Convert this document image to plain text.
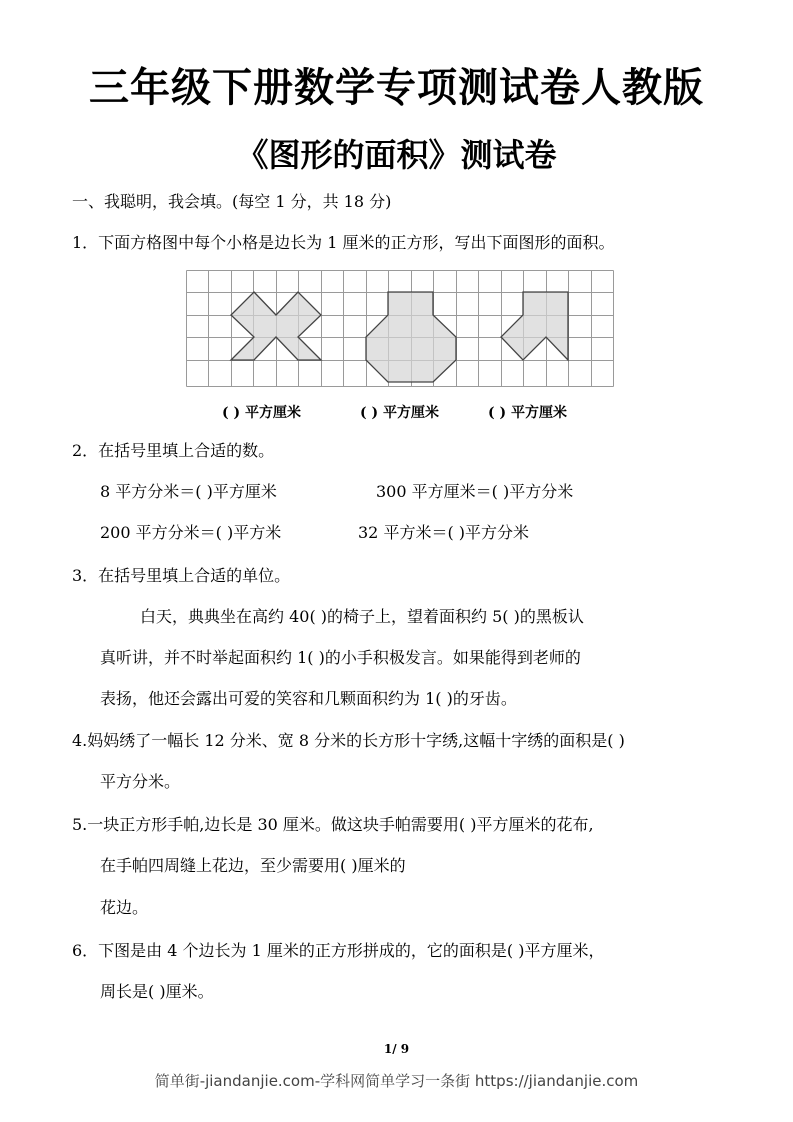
三年级下册数学专项测试卷人教版
《图形的面积》测试卷
一、我聪明，我会填。(每空 1 分，共 18 分)
1．下面方格图中每个小格是边长为 1 厘米的正方形，写出下面图形的面积。
( ) 平方厘米	( ) 平方厘米	( ) 平方厘米
2．在括号里填上合适的数。
8 平方分米＝( )平方厘米	300 平方厘米＝( )平方分米
200 平方分米＝( )平方米	32 平方米＝( )平方分米
3．在括号里填上合适的单位。
白天，典典坐在高约 40( )的椅子上，望着面积约 5( )的黑板认
真听讲，并不时举起面积约 1( )的小手积极发言。如果能得到老师的
表扬，他还会露出可爱的笑容和几颗面积约为 1( )的牙齿。
4.妈妈绣了一幅长 12 分米、宽 8 分米的长方形十字绣,这幅十字绣的面积是( )
平方分米。
5.一块正方形手帕,边长是 30 厘米。做这块手帕需要用( )平方厘米的花布,
在手帕四周缝上花边，至少需要用( )厘米的
花边。
6．下图是由 4 个边长为 1 厘米的正方形拼成的，它的面积是( )平方厘米，
周长是( )厘米。
1/ 9
简单街-jiandanjie.com-学科网简单学习一条街 https://jiandanjie.com
